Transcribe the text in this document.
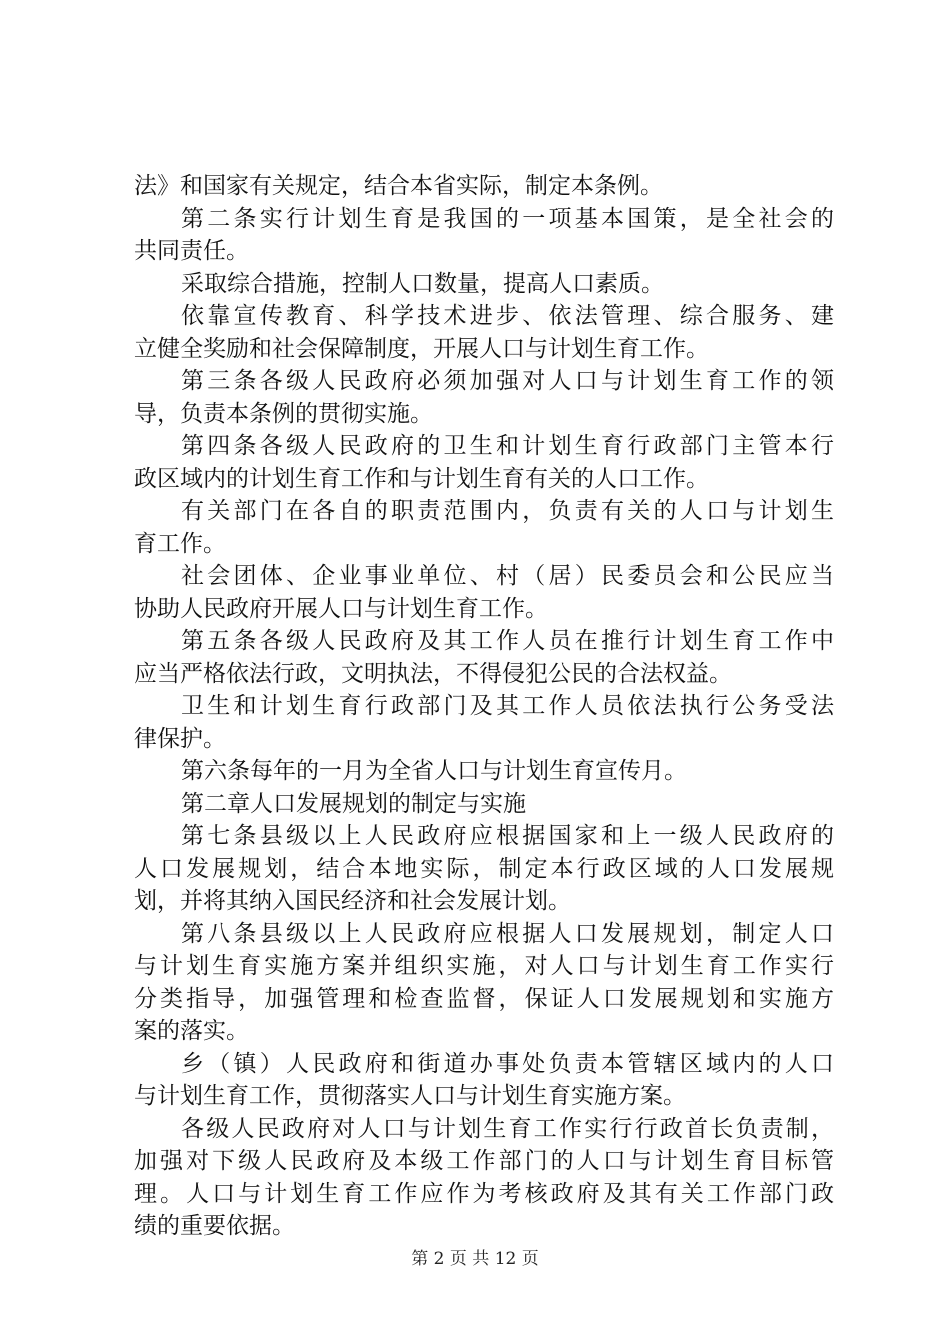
法》和国家有关规定，结合本省实际，制定本条例。
第二条实行计划生育是我国的一项基本国策，是全社会的
共同责任。
采取综合措施，控制人口数量，提高人口素质。
依靠宣传教育、科学技术进步、依法管理、综合服务、建
立健全奖励和社会保障制度，开展人口与计划生育工作。
第三条各级人民政府必须加强对人口与计划生育工作的领
导，负责本条例的贯彻实施。
第四条各级人民政府的卫生和计划生育行政部门主管本行
政区域内的计划生育工作和与计划生育有关的人口工作。
有关部门在各自的职责范围内，负责有关的人口与计划生
育工作。
社会团体、企业事业单位、村（居）民委员会和公民应当
协助人民政府开展人口与计划生育工作。
第五条各级人民政府及其工作人员在推行计划生育工作中
应当严格依法行政，文明执法，不得侵犯公民的合法权益。
卫生和计划生育行政部门及其工作人员依法执行公务受法
律保护。
第六条每年的一月为全省人口与计划生育宣传月。
第二章人口发展规划的制定与实施
第七条县级以上人民政府应根据国家和上一级人民政府的
人口发展规划，结合本地实际，制定本行政区域的人口发展规
划，并将其纳入国民经济和社会发展计划。
第八条县级以上人民政府应根据人口发展规划，制定人口
与计划生育实施方案并组织实施，对人口与计划生育工作实行
分类指导，加强管理和检查监督，保证人口发展规划和实施方
案的落实。
乡（镇）人民政府和街道办事处负责本管辖区域内的人口
与计划生育工作，贯彻落实人口与计划生育实施方案。
各级人民政府对人口与计划生育工作实行行政首长负责制，
加强对下级人民政府及本级工作部门的人口与计划生育目标管
理。人口与计划生育工作应作为考核政府及其有关工作部门政
绩的重要依据。
第 2 页 共 12 页
